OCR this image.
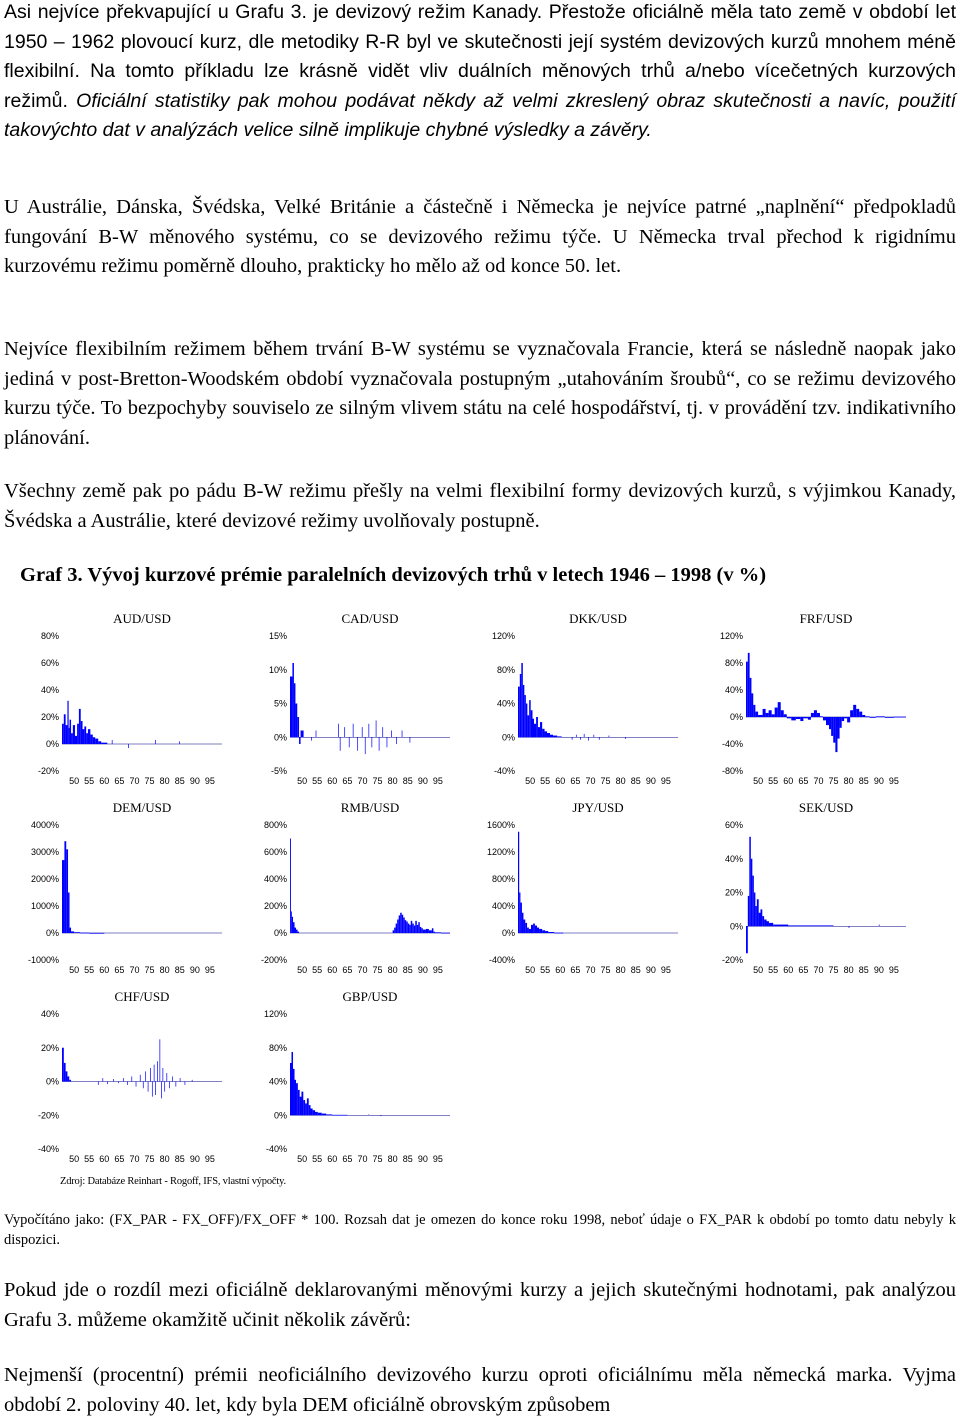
Asi nejvíce překvapující u Grafu 3. je devizový režim Kanady. Přestože oficiálně měla tato země v období let 1950 – 1962 plovoucí kurz, dle metodiky R-R byl ve skutečnosti její systém devizových kurzů mnohem méně flexibilní. Na tomto příkladu lze krásně vidět vliv duálních měnových trhů a/nebo vícečetných kurzových režimů. Oficiální statistiky pak mohou podávat někdy až velmi zkreslený obraz skutečnosti a navíc, použití takovýchto dat v analýzách velice silně implikuje chybné výsledky a závěry.

U Austrálie, Dánska, Švédska, Velké Británie a částečně i Německa je nejvíce patrné „naplnění“ předpokladů fungování B-W měnového systému, co se devizového režimu týče. U Německa trval přechod k rigidnímu kurzovému režimu poměrně dlouho, prakticky ho mělo až od konce 50. let.

Nejvíce flexibilním režimem během trvání B-W systému se vyznačovala Francie, která se následně naopak jako jediná v post-Bretton-Woodském období vyznačovala postupným „utahováním šroubů“, co se režimu devizového kurzu týče. To bezpochyby souviselo ze silným vlivem státu na celé hospodářství, tj. v provádění tzv. indikativního plánování.

Všechny země pak po pádu B-W režimu přešly na velmi flexibilní formy devizových kurzů, s výjimkou Kanady, Švédska a Austrálie, které devizové režimy uvolňovaly postupně.

Graf 3. Vývoj kurzové prémie paralelních devizových trhů v letech 1946 – 1998 (v %)

AUD/USD
80%
60%
40%
20%
0%
-20%
50 55 60 65 70 75 80 85 90 95
CAD/USD
15%
10%
5%
0%
-5%
50 55 60 65 70 75 80 85 90 95
DKK/USD
120%
80%
40%
0%
-40%
50 55 60 65 70 75 80 85 90 95
FRF/USD
120%
80%
40%
0%
-40%
-80%
50 55 60 65 70 75 80 85 90 95
DEM/USD
4000%
3000%
2000%
1000%
0%
-1000%
50 55 60 65 70 75 80 85 90 95
RMB/USD
800%
600%
400%
200%
0%
-200%
50 55 60 65 70 75 80 85 90 95
JPY/USD
1600%
1200%
800%
400%
0%
-400%
50 55 60 65 70 75 80 85 90 95
SEK/USD
60%
40%
20%
0%
-20%
50 55 60 65 70 75 80 85 90 95
CHF/USD
40%
20%
0%
-20%
-40%
50 55 60 65 70 75 80 85 90 95
GBP/USD
120%
80%
40%
0%
-40%
50 55 60 65 70 75 80 85 90 95

Zdroj: Databáze Reinhart - Rogoff, IFS, vlastní výpočty.

Vypočítáno jako: (FX_PAR - FX_OFF)/FX_OFF * 100. Rozsah dat je omezen do konce roku 1998, neboť údaje o FX_PAR k období po tomto datu nebyly k dispozici.

Pokud jde o rozdíl mezi oficiálně deklarovanými měnovými kurzy a jejich skutečnými hodnotami, pak analýzou Grafu 3. můžeme okamžitě učinit několik závěrů:

Nejmenší (procentní) prémii neoficiálního devizového kurzu oproti oficiálnímu měla německá marka. Vyjma období 2. poloviny 40. let, kdy byla DEM oficiálně obrovským způsobem
